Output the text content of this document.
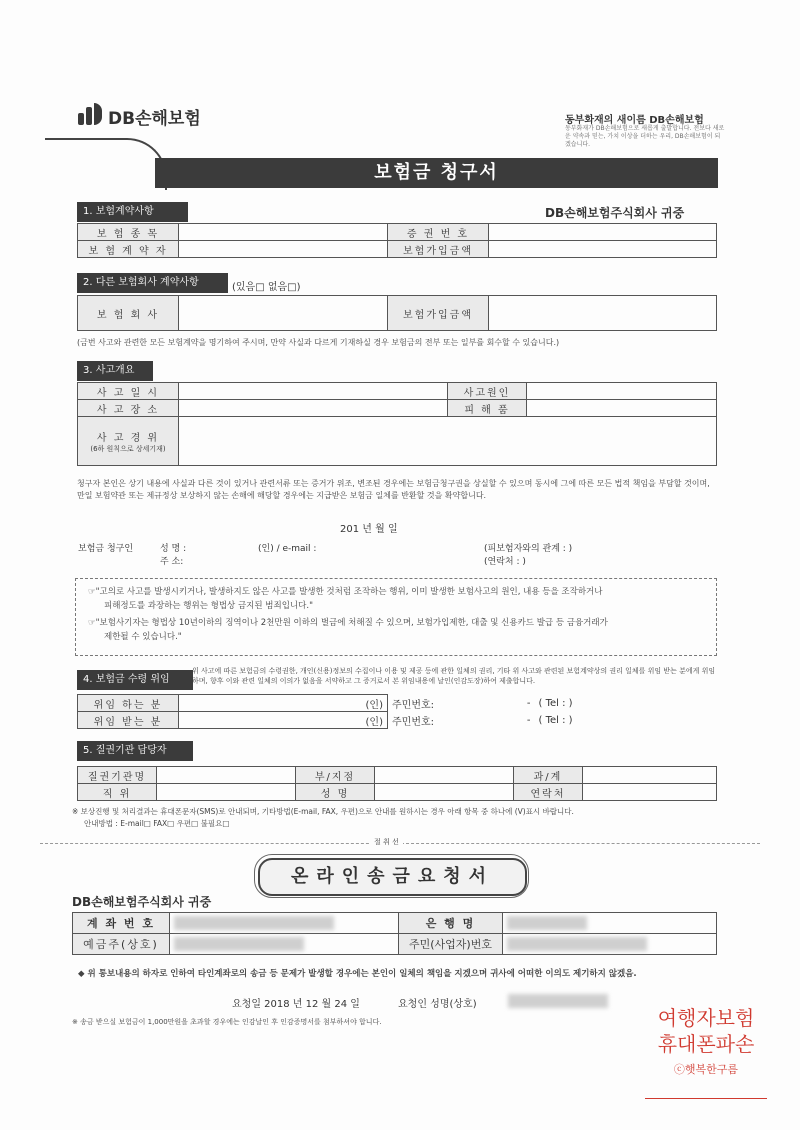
DB손해보험	동부화재의 새이름 DB손해보험
동부화재가 DB손해보험으로 새롭게 출발합니다. 전보다 새로운 약속과 믿는, 가치 이상을 더하는 우리, DB손해보험이 되겠습니다.
보험금 청구서
1. 보험계약사항	DB손해보험주식회사 귀중
보 험 종 목		증 권 번 호	
보 험 계 약 자		보험가입금액	
2. 다른 보험회사 계약사항	(있음□ 없음□)
보 험 회 사		보험가입금액	
(금번 사고와 관련한 모든 보험계약을 명기하여 주시며, 만약 사실과 다르게 기재하실 경우 보험금의 전부 또는 일부를 회수할 수 있습니다.)
3. 사고개요
사 고 일 시		사고원인	
사 고 장 소		피 해 품	

사 고 경 위
(6하 원칙으로 상세기재)			

청구자 본인은 상기 내용에 사실과 다른 것이 있거나 관련서류 또는 증거가 위조, 변조된 경우에는 보험금청구권을 상실할 수 있으며 동시에 그에 따른 모든 법적 책임을 부담할 것이며, 만일 보험약관 또는 제규정상 보상하지 않는 손해에 해당할 경우에는 지급받은 보험금 일체를 반환할 것을 확약합니다.
201 년 월 일
보험금 청구인	성 명 :	(인) / e-mail :
주 소:
(피보험자와의 관계 : )
(연락처 : )
☞"고의로 사고를 발생시키거나, 발생하지도 않은 사고를 발생한 것처럼 조작하는 행위, 이미 발생한 보험사고의 원인, 내용 등을 조작하거나
피해정도를 과장하는 행위는 형법상 금지된 범죄입니다."
☞"보험사기자는 형법상 10년이하의 징역이나 2천만원 이하의 벌금에 처해질 수 있으며, 보험가입제한, 대출 및 신용카드 발급 등 금융거래가
제한될 수 있습니다."
4. 보험금 수령 위임
위 사고에 따른 보험금의 수령권한, 개인(신용)정보의 수집이나 이용 및 제공 등에 관한 일체의 권리, 기타 위 사고와 관련된 보험계약상의 권리 일체를 위임 받는 분에게 위임하며, 향후 이와 관련 일체의 이의가 없음을 서약하고 그 증거로서 본 위임내용에 날인(인감도장)하여 제출합니다.
위임 하는 분	(인)	주민번호:	-	( Tel : )
위임 받는 분	(인)	주민번호:	-	( Tel : )
5. 질권기관 담당자
질권기관명		부/지점		과/계	
직 위		성 명		연락처	
※ 보상진행 및 처리결과는 휴대폰문자(SMS)로 안내되며, 기타방법(E-mail, FAX, 우편)으로 안내를 원하시는 경우 아래 항목 중 하나에 (V)표시 바랍니다.
안내방법 : E-mail□ FAX□ 우편□ 불필요□
절 취 선
온라인송금요청서
DB손해보험주식회사 귀중
계 좌 번 호		은 행 명	
예금주(상호)		주민(사업자)번호	
◆ 위 통보내용의 하자로 인하여 타인계좌로의 송금 등 문제가 발생할 경우에는 본인이 일체의 책임을 지겠으며 귀사에 어떠한 이의도 제기하지 않겠음.
요청일 2018 년 12 월 24 일	요청인 성명(상호)
※ 송금 받으실 보험금이 1,000만원을 초과할 경우에는 인감날인 후 인감증명서를 첨부하셔야 합니다.	여행자보험
휴대폰파손
ⓒ햇복한구름
